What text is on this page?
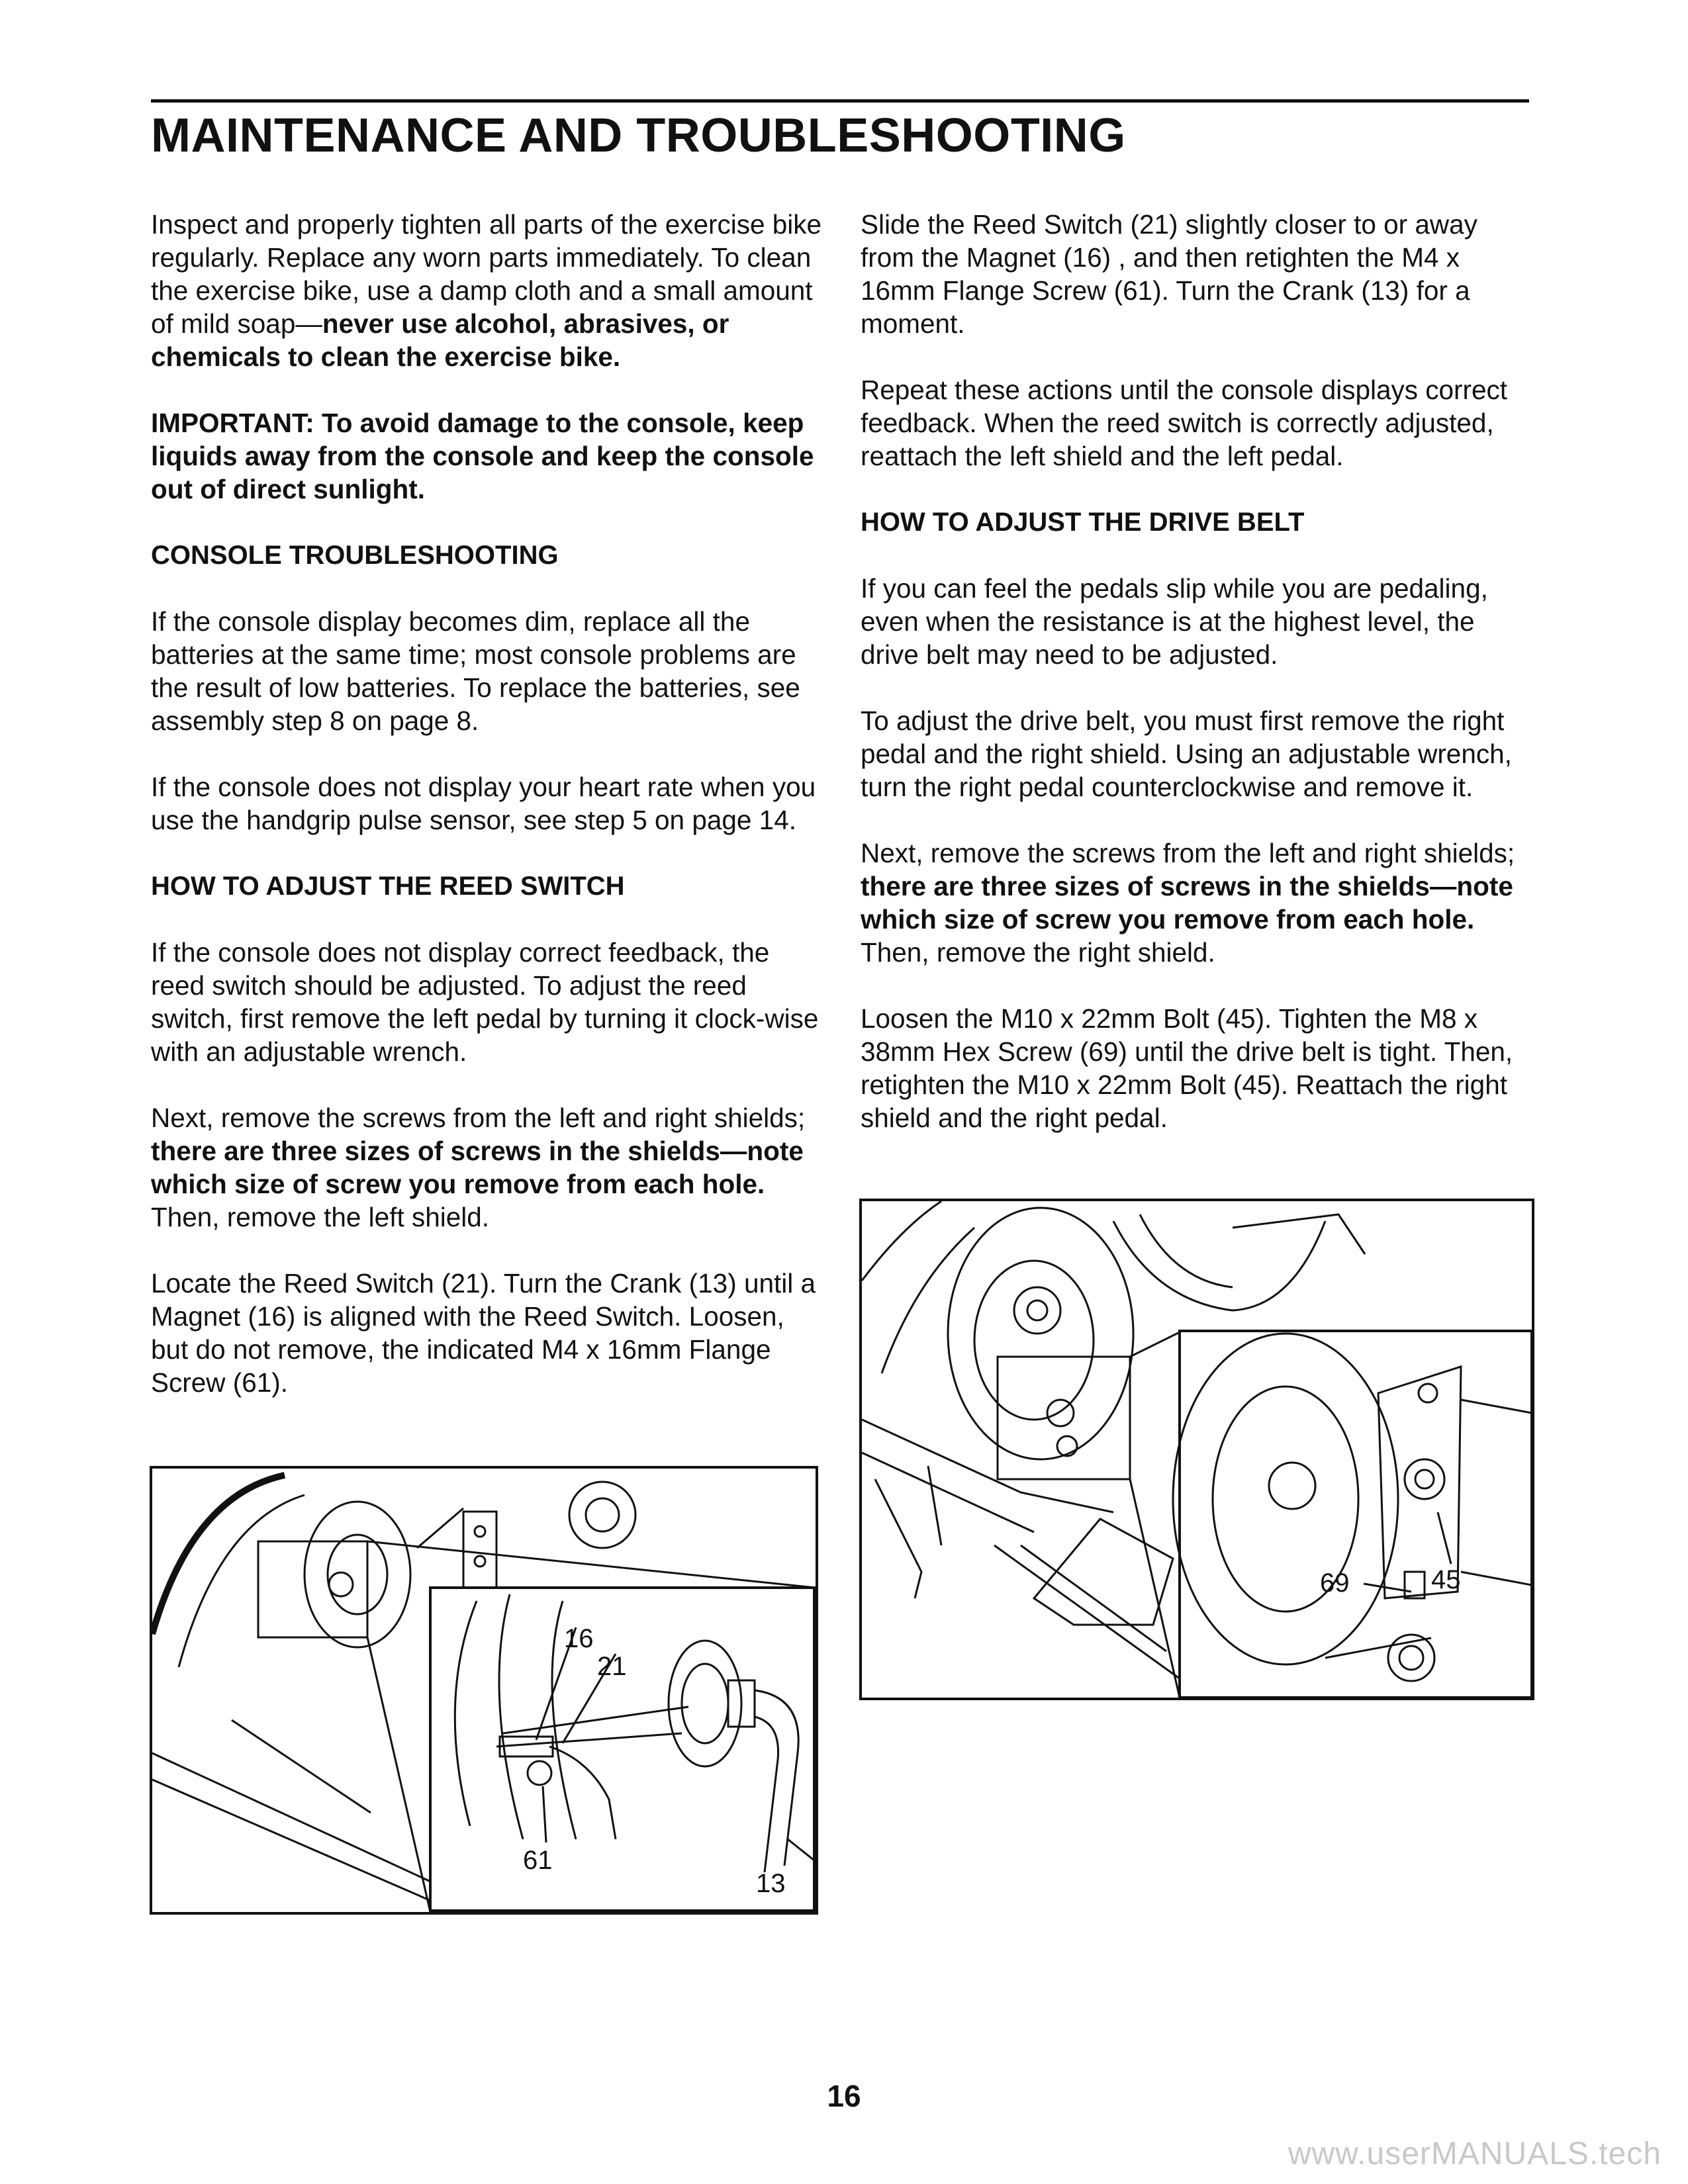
MAINTENANCE AND TROUBLESHOOTING

Inspect and properly tighten all parts of the exercise bike regularly. Replace any worn parts immediately. To clean the exercise bike, use a damp cloth and a small amount of mild soap—never use alcohol, abrasives, or chemicals to clean the exercise bike.

IMPORTANT: To avoid damage to the console, keep liquids away from the console and keep the console out of direct sunlight.

CONSOLE TROUBLESHOOTING

If the console display becomes dim, replace all the batteries at the same time; most console problems are the result of low batteries. To replace the batteries, see assembly step 8 on page 8.

If the console does not display your heart rate when you use the handgrip pulse sensor, see step 5 on page 14.

HOW TO ADJUST THE REED SWITCH

If the console does not display correct feedback, the reed switch should be adjusted. To adjust the reed switch, first remove the left pedal by turning it clock-wise with an adjustable wrench.

Next, remove the screws from the left and right shields; there are three sizes of screws in the shields—note which size of screw you remove from each hole. Then, remove the left shield.

Locate the Reed Switch (21). Turn the Crank (13) until a Magnet (16) is aligned with the Reed Switch. Loosen, but do not remove, the indicated M4 x 16mm Flange Screw (61).

Slide the Reed Switch (21) slightly closer to or away from the Magnet (16) , and then retighten the M4 x 16mm Flange Screw (61). Turn the Crank (13) for a moment.

Repeat these actions until the console displays correct feedback. When the reed switch is correctly adjusted, reattach the left shield and the left pedal.

HOW TO ADJUST THE DRIVE BELT

If you can feel the pedals slip while you are pedaling, even when the resistance is at the highest level, the drive belt may need to be adjusted.

To adjust the drive belt, you must first remove the right pedal and the right shield. Using an adjustable wrench, turn the right pedal counterclockwise and remove it.

Next, remove the screws from the left and right shields; there are three sizes of screws in the shields—note which size of screw you remove from each hole. Then, remove the right shield.

Loosen the M10 x 22mm Bolt (45). Tighten the M8 x 38mm Hex Screw (69) until the drive belt is tight. Then, retighten the M10 x 22mm Bolt (45). Reattach the right shield and the right pedal.

16
21
61
13
45
69
16
www.userMANUALS.tech
